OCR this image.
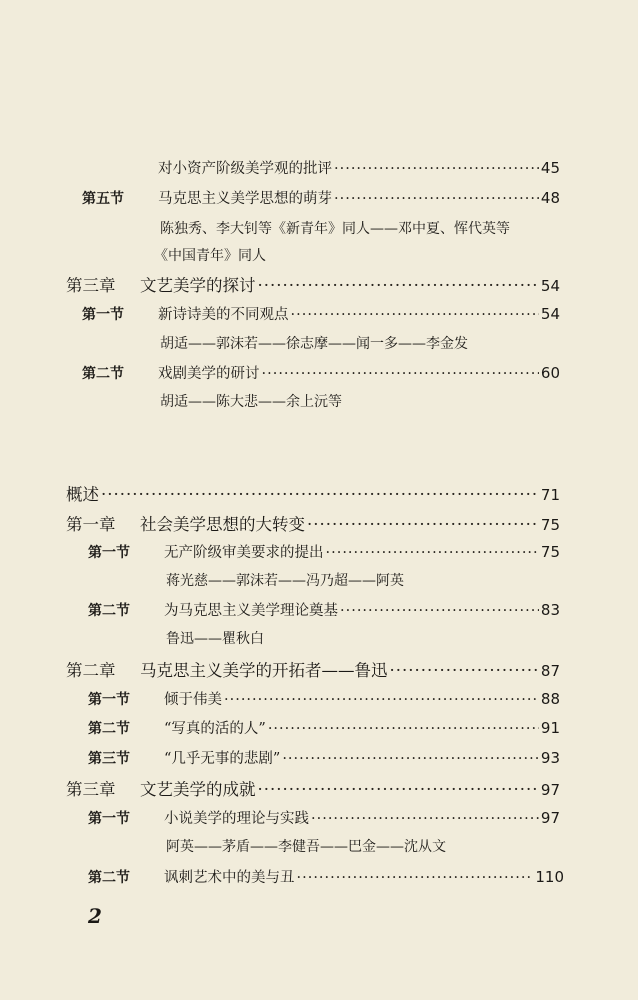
对小资产阶级美学观的批评 ·····	45
第五节	马克思主义美学思想的萌芽 ·····	48
陈独秀、李大钊等《新青年》同人——邓中夏、恽代英等
《中国青年》同人
第三章	文艺美学的探讨 ·····	54
第一节	新诗诗美的不同观点 ·····	54
胡适——郭沫若——徐志摩——闻一多——李金发
第二节	戏剧美学的研讨 ·····	60
胡适——陈大悲——余上沅等
概述 ·····	71
第一章	社会美学思想的大转变 ·····	75
第一节	无产阶级审美要求的提出 ·····	75
蒋光慈——郭沫若——冯乃超——阿英
第二节	为马克思主义美学理论奠基 ·····	83
鲁迅——瞿秋白
第二章	马克思主义美学的开拓者——鲁迅 ·····	87
第一节	倾于伟美 ·····	88
第二节	“写真的活的人” ·····	91
第三节	“几乎无事的悲剧” ·····	93
第三章	文艺美学的成就 ·····	97
第一节	小说美学的理论与实践 ·····	97
阿英——茅盾——李健吾——巴金——沈从文
第二节	讽刺艺术中的美与丑 ·····	110
2
